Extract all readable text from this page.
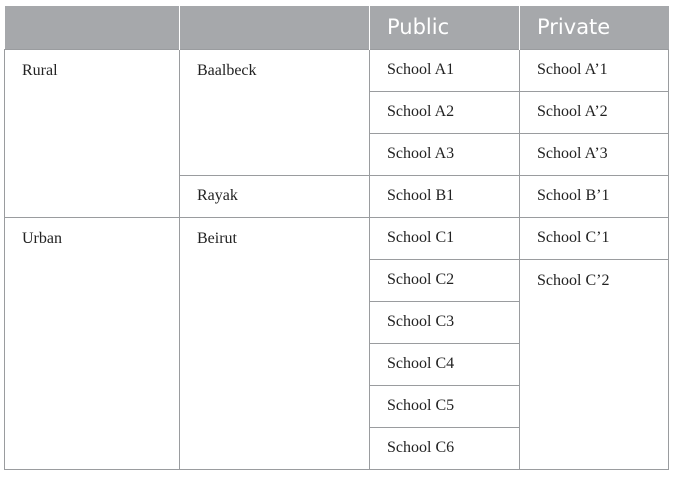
		Public	Private
Rural	Baalbeck	School A1	School A’1
		School A2	School A’2
		School A3	School A’3
	Rayak	School B1	School B’1
Urban	Beirut	School C1	School C’1
		School C2	School C’2
		School C3	
		School C4	
		School C5	
		School C6	
